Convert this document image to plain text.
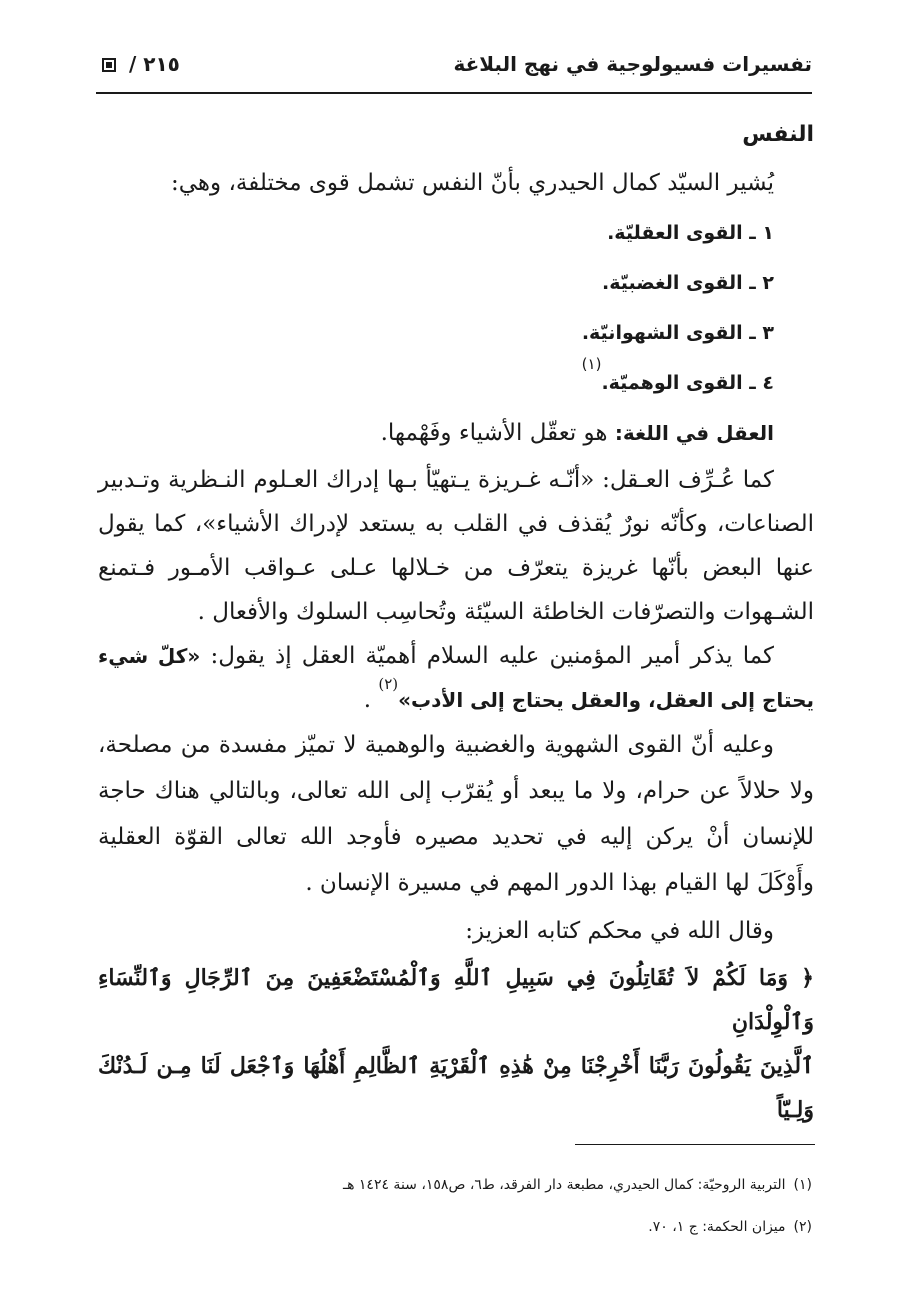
تفسيرات فسيولوجية في نهج البلاغة
٢١٥ /

النفس

يُشير السيّد كمال الحيدري بأنّ النفس تشمل قوى مختلفة، وهي:

١ ـ القوى العقليّة.

٢ ـ القوى الغضبيّة.

٣ ـ القوى الشهوانيّة.

٤ ـ القوى الوهميّة.$^{(١)}$

العقل في اللغة: هو تعقّل الأشياء وفَهْمها.

كما عُـرِّف العـقل: «أنّـه غـريزة يـتهيّأ بـها إدراك العـلوم النـظرية وتـدبير الصناعات، وكأنّه نورٌ يُقذف في القلب به يستعد لإدراك الأشياء»، كما يقول عنها البعض بأنّها غريزة يتعرّف من خـلالها عـلى عـواقب الأمـور فـتمنع الشـهوات والتصرّفات الخاطئة السيّئة وتُحاسِب السلوك والأفعال .

كما يذكر أمير المؤمنين عليه السلام أهميّة العقل إذ يقول: «كلّ شيء يحتاج إلى العقل، والعقل يحتاج إلى الأدب»$^{(٢)}$ .

وعليه أنّ القوى الشهوية والغضبية والوهمية لا تميّز مفسدة من مصلحة، ولا حلالاً عن حرام، ولا ما يبعد أو يُقرّب إلى الله تعالى، وبالتالي هناك حاجة للإنسان أنْ يركن إليه في تحديد مصيره فأوجد الله تعالى القوّة العقلية وأَوْكَلَ لها القيام بهذا الدور المهم في مسيرة الإنسان .

وقال الله في محكم كتابه العزيز:

﴿ وَمَا لَكُمْ لاَ تُقَاتِلُونَ فِي سَبِيلِ ٱللَّهِ وَٱلْمُسْتَضْعَفِينَ مِنَ ٱلرِّجَالِ وَٱلنِّسَاءِ وَٱلْوِلْدَانِ

ٱلَّذِينَ يَقُولُونَ رَبَّنَا أَخْرِجْنَا مِنْ هَٰذِهِ ٱلْقَرْيَةِ ٱلظَّالِمِ أَهْلُهَا وَٱجْعَل لَنَا مِـن لَـدُنْكَ وَلِـيّاً

(١)التربية الروحيّة: كمال الحيدري، مطبعة دار الفرقد، ط٦، ص١٥٨، سنة ١٤٢٤ هـ

(٢)ميزان الحكمة: ج ١، ٧٠.
